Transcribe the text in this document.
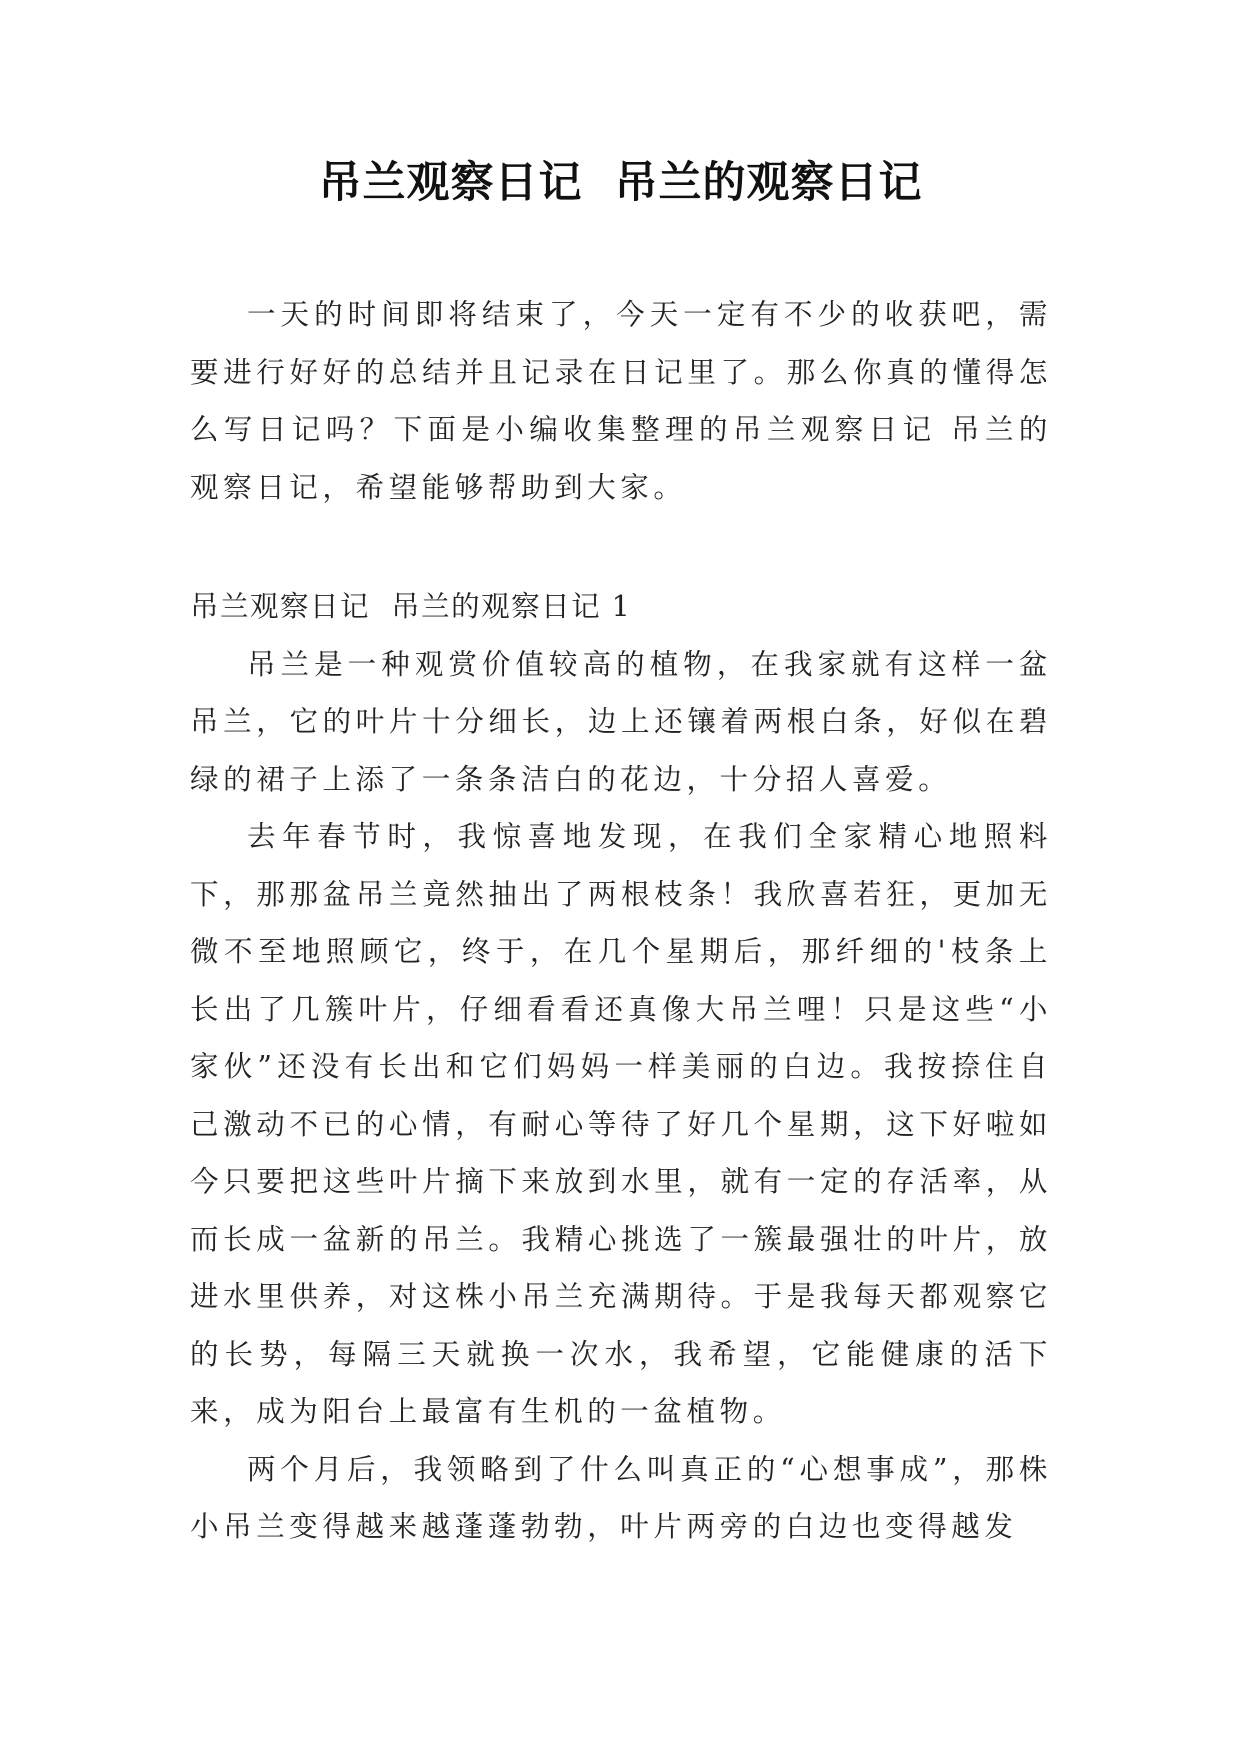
吊兰观察日记  吊兰的观察日记

一天的时间即将结束了，今天一定有不少的收获吧，需要进行好好的总结并且记录在日记里了。那么你真的懂得怎么写日记吗？下面是小编收集整理的吊兰观察日记 吊兰的观察日记，希望能够帮助到大家。

吊兰观察日记  吊兰的观察日记 1

吊兰是一种观赏价值较高的植物，在我家就有这样一盆吊兰，它的叶片十分细长，边上还镶着两根白条，好似在碧绿的裙子上添了一条条洁白的花边，十分招人喜爱。

去年春节时，我惊喜地发现，在我们全家精心地照料下，那那盆吊兰竟然抽出了两根枝条！我欣喜若狂，更加无微不至地照顾它，终于，在几个星期后，那纤细的'枝条上长出了几簇叶片，仔细看看还真像大吊兰哩！只是这些“小家伙”还没有长出和它们妈妈一样美丽的白边。我按捺住自己激动不已的心情，有耐心等待了好几个星期，这下好啦如今只要把这些叶片摘下来放到水里，就有一定的存活率，从而长成一盆新的吊兰。我精心挑选了一簇最强壮的叶片，放进水里供养，对这株小吊兰充满期待。于是我每天都观察它的长势，每隔三天就换一次水，我希望，它能健康的活下来，成为阳台上最富有生机的一盆植物。

两个月后，我领略到了什么叫真正的“心想事成”，那株小吊兰变得越来越蓬蓬勃勃，叶片两旁的白边也变得越发
